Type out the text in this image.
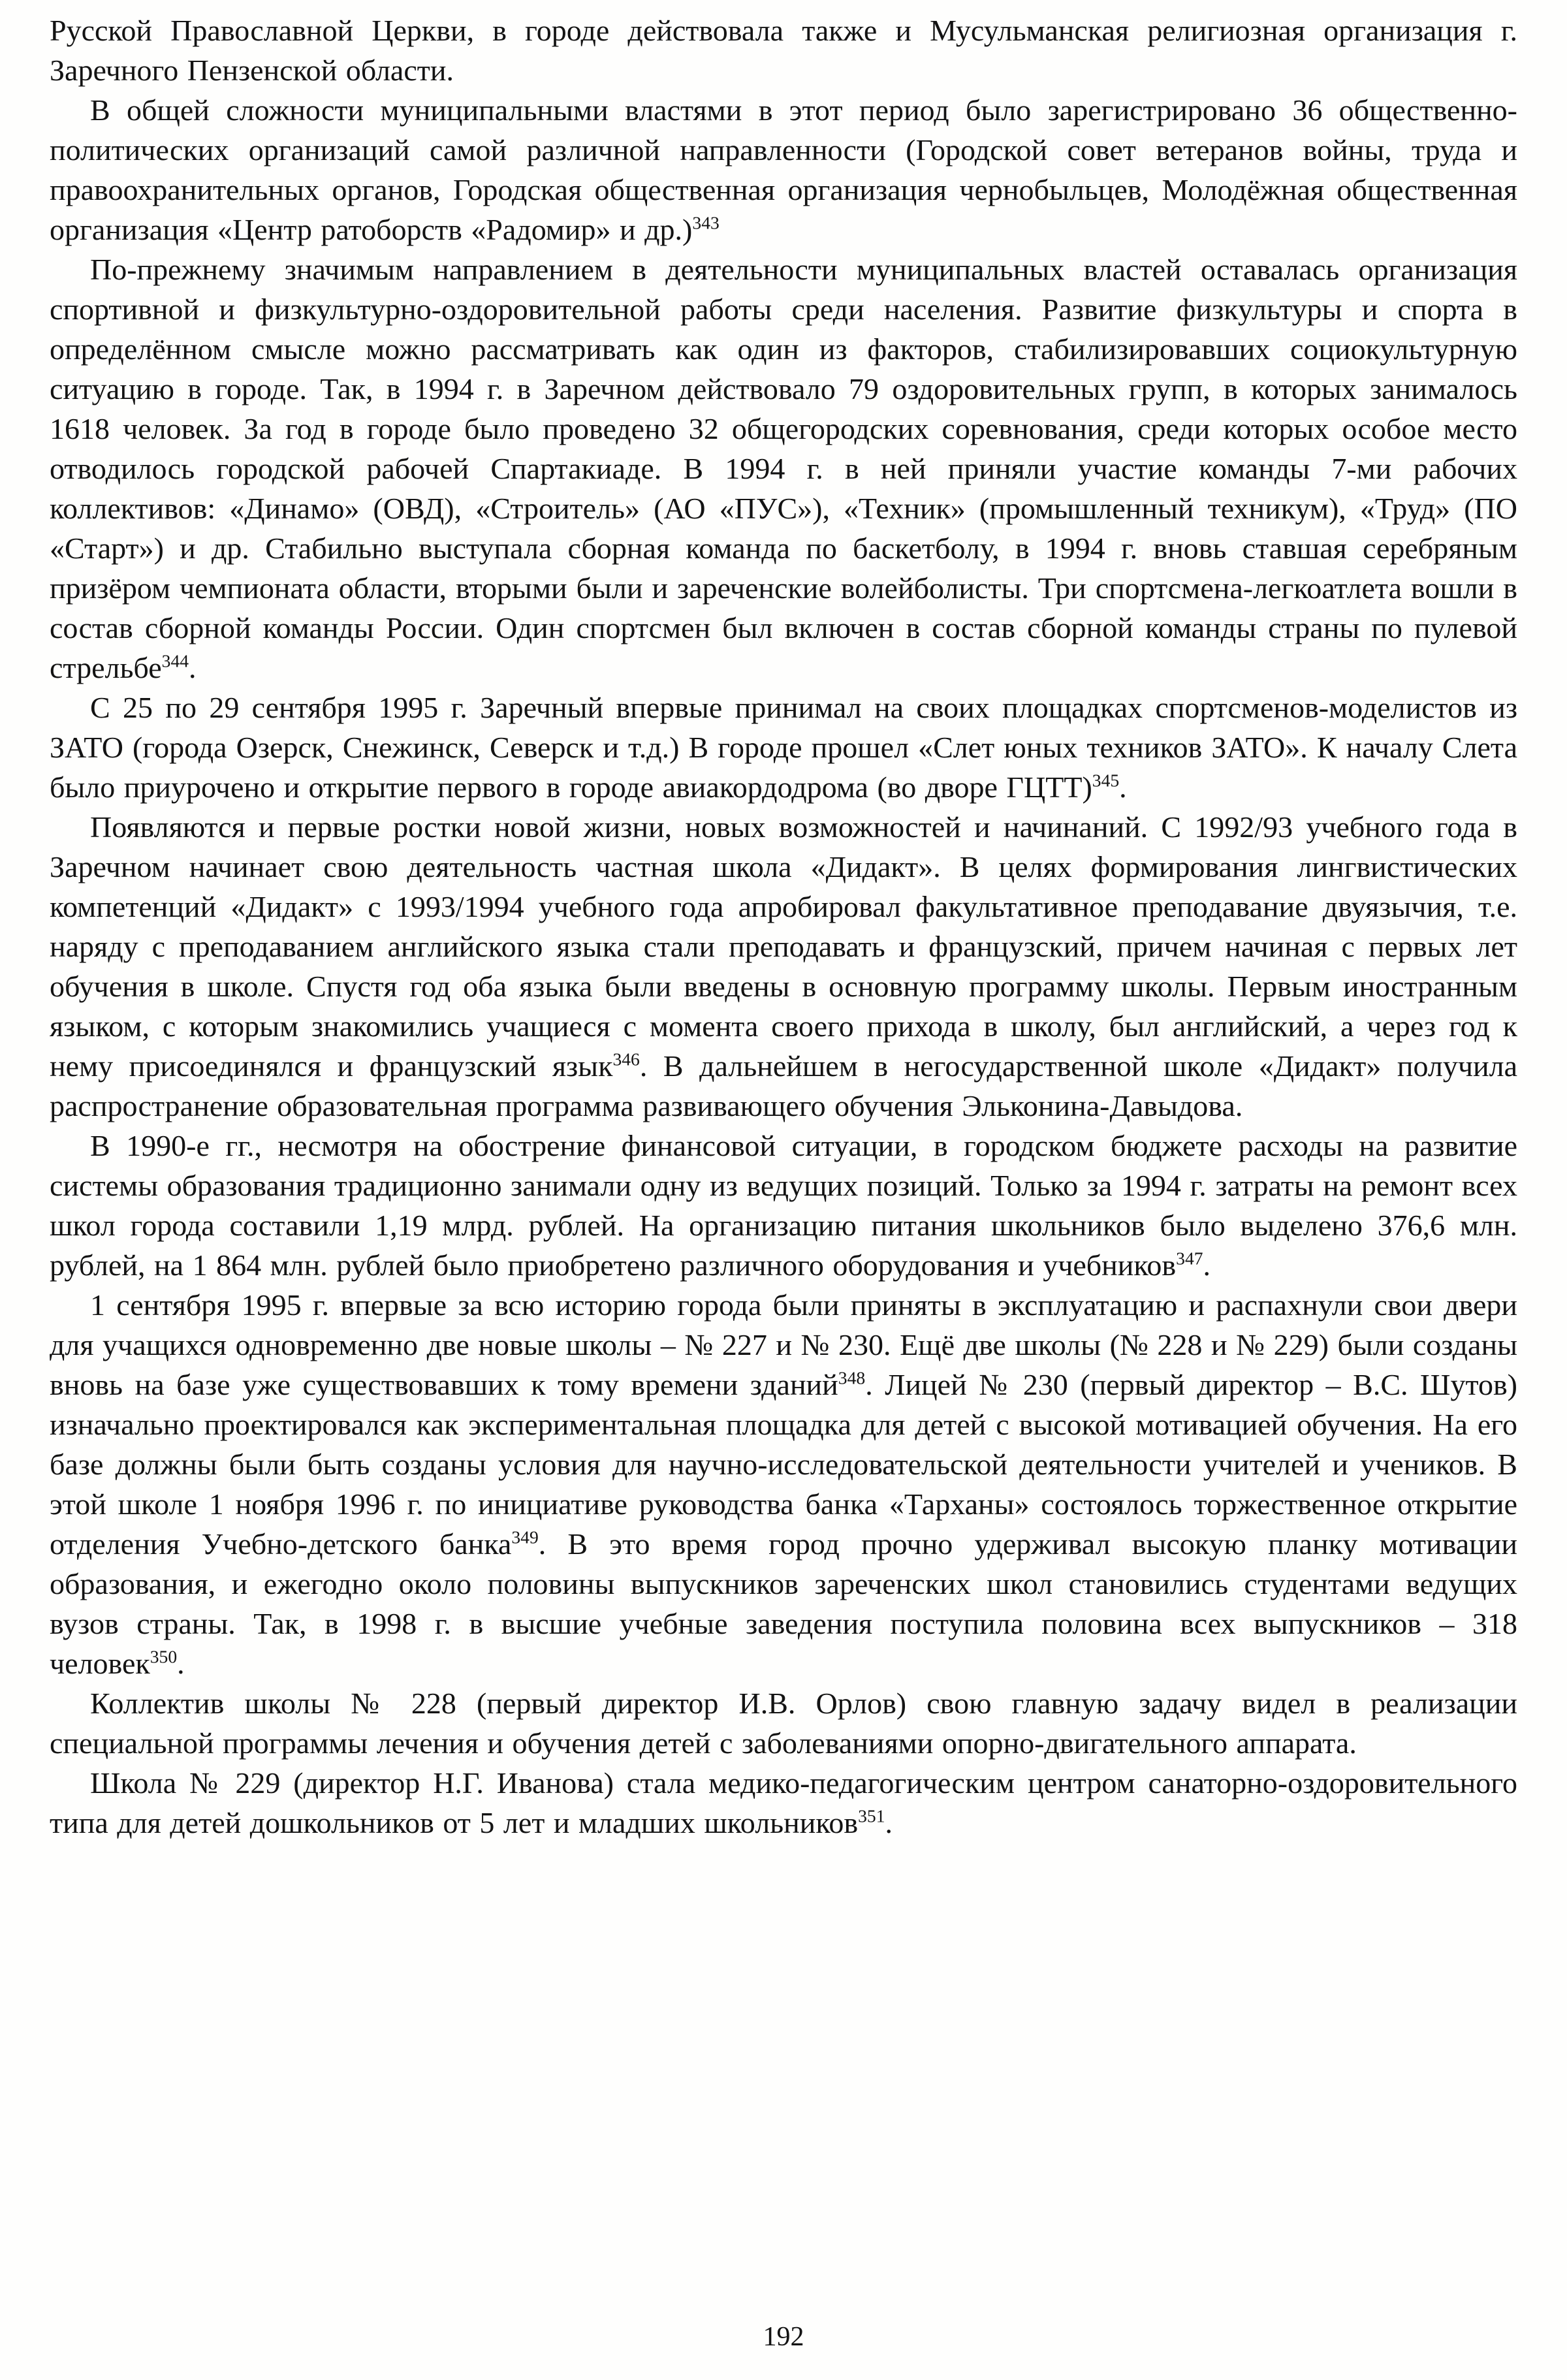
Русской Православной Церкви, в городе действовала также и Мусульманская религиозная организация г. Заречного Пензенской области.

В общей сложности муниципальными властями в этот период было зарегистрировано 36 общественно-политических организаций самой различной направленности (Городской совет ветеранов войны, труда и правоохранительных органов, Городская общественная организация чернобыльцев, Молодёжная общественная организация «Центр ратоборств «Радомир» и др.)$^{343}$

По-прежнему значимым направлением в деятельности муниципальных властей оставалась организация спортивной и физкультурно-оздоровительной работы среди населения. Развитие физкультуры и спорта в определённом смысле можно рассматривать как один из факторов, стабилизировавших социокультурную ситуацию в городе. Так, в 1994 г. в Заречном действовало 79 оздоровительных групп, в которых занималось 1618 человек. За год в городе было проведено 32 общегородских соревнования, среди которых особое место отводилось городской рабочей Спартакиаде. В 1994 г. в ней приняли участие команды 7-ми рабочих коллективов: «Динамо» (ОВД), «Строитель» (АО «ПУС»), «Техник» (промышленный техникум), «Труд» (ПО «Старт») и др. Стабильно выступала сборная команда по баскетболу, в 1994 г. вновь ставшая серебряным призёром чемпионата области, вторыми были и зареченские волейболисты. Три спортсмена-легкоатлета вошли в состав сборной команды России. Один спортсмен был включен в состав сборной команды страны по пулевой стрельбе$^{344}$.

С 25 по 29 сентября 1995 г. Заречный впервые принимал на своих площадках спортсменов-моделистов из ЗАТО (города Озерск, Снежинск, Северск и т.д.) В городе прошел «Слет юных техников ЗАТО». К началу Слета было приурочено и открытие первого в городе авиакордодрома (во дворе ГЦТТ)$^{345}$.

Появляются и первые ростки новой жизни, новых возможностей и начинаний. С 1992/93 учебного года в Заречном начинает свою деятельность частная школа «Дидакт». В целях формирования лингвистических компетенций «Дидакт» с 1993/1994 учебного года апробировал факультативное преподавание двуязычия, т.е. наряду с преподаванием английского языка стали преподавать и французский, причем начиная с первых лет обучения в школе. Спустя год оба языка были введены в основную программу школы. Первым иностранным языком, с которым знакомились учащиеся с момента своего прихода в школу, был английский, а через год к нему присоединялся и французский язык$^{346}$. В дальнейшем в негосударственной школе «Дидакт» получила распространение образовательная программа развивающего обучения Эльконина-Давыдова.

В 1990-е гг., несмотря на обострение финансовой ситуации, в городском бюджете расходы на развитие системы образования традиционно занимали одну из ведущих позиций. Только за 1994 г. затраты на ремонт всех школ города составили 1,19 млрд. рублей. На организацию питания школьников было выделено 376,6 млн. рублей, на 1 864 млн. рублей было приобретено различного оборудования и учебников$^{347}$.

1 сентября 1995 г. впервые за всю историю города были приняты в эксплуатацию и распахнули свои двери для учащихся одновременно две новые школы – № 227 и № 230. Ещё две школы (№ 228 и № 229) были созданы вновь на базе уже существовавших к тому времени зданий$^{348}$. Лицей № 230 (первый директор – В.С. Шутов) изначально проектировался как экспериментальная площадка для детей с высокой мотивацией обучения. На его базе должны были быть созданы условия для научно-исследовательской деятельности учителей и учеников. В этой школе 1 ноября 1996 г. по инициативе руководства банка «Тарханы» состоялось торжественное открытие отделения Учебно-детского банка$^{349}$. В это время город прочно удерживал высокую планку мотивации образования, и ежегодно около половины выпускников зареченских школ становились студентами ведущих вузов страны. Так, в 1998 г. в высшие учебные заведения поступила половина всех выпускников – 318 человек$^{350}$.

Коллектив школы № 228 (первый директор И.В. Орлов) свою главную задачу видел в реализации специальной программы лечения и обучения детей с заболеваниями опорно-двигательного аппарата.

Школа № 229 (директор Н.Г. Иванова) стала медико-педагогическим центром санаторно-оздоровительного типа для детей дошкольников от 5 лет и младших школьников$^{351}$.

192
